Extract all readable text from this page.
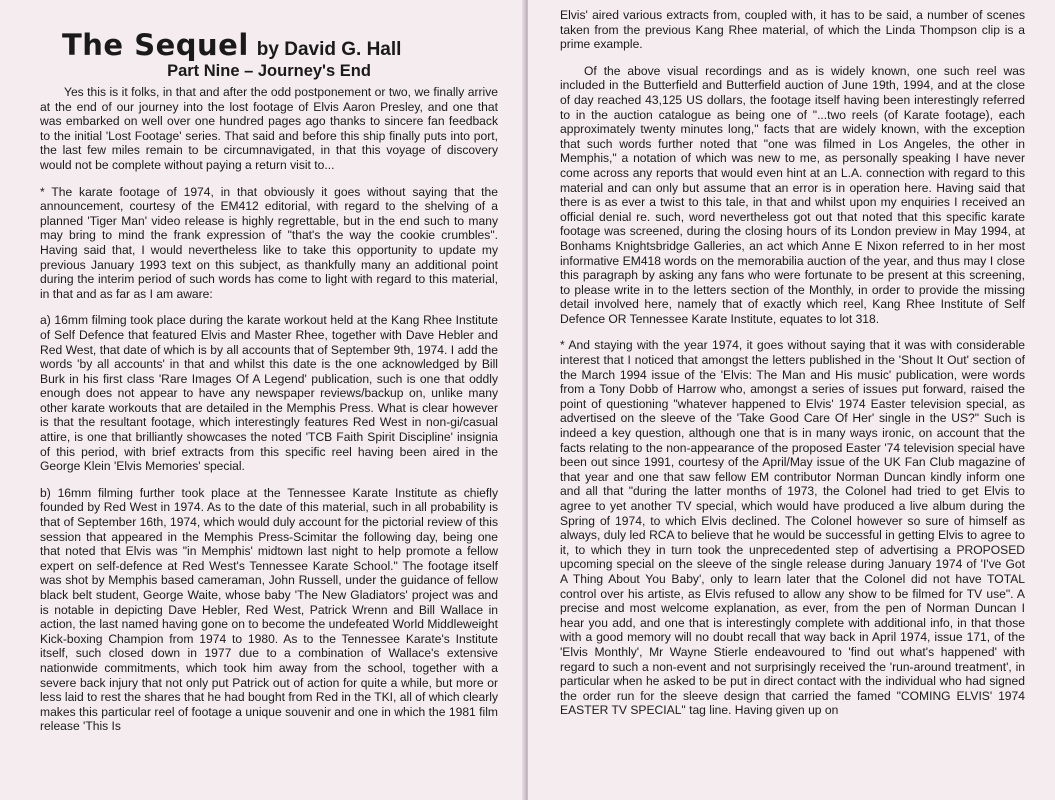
The Sequel by David G. Hall
Part Nine – Journey's End

Yes this is it folks, in that and after the odd postponement or two, we finally arrive at the end of our journey into the lost footage of Elvis Aaron Presley, and one that was embarked on well over one hundred pages ago thanks to sincere fan feedback to the initial 'Lost Footage' series. That said and before this ship finally puts into port, the last few miles remain to be circumnavigated, in that this voyage of discovery would not be complete without paying a return visit to...

* The karate footage of 1974, in that obviously it goes without saying that the announcement, courtesy of the EM412 editorial, with regard to the shelving of a planned 'Tiger Man' video release is highly regrettable, but in the end such to many may bring to mind the frank expression of "that's the way the cookie crumbles". Having said that, I would nevertheless like to take this opportunity to update my previous January 1993 text on this subject, as thankfully many an additional point during the interim period of such words has come to light with regard to this material, in that and as far as I am aware:

a) 16mm filming took place during the karate workout held at the Kang Rhee Institute of Self Defence that featured Elvis and Master Rhee, together with Dave Hebler and Red West, that date of which is by all accounts that of September 9th, 1974. I add the words 'by all accounts' in that and whilst this date is the one acknowledged by Bill Burk in his first class 'Rare Images Of A Legend' publication, such is one that oddly enough does not appear to have any newspaper reviews/backup on, unlike many other karate workouts that are detailed in the Memphis Press. What is clear however is that the resultant footage, which interestingly features Red West in non-gi/casual attire, is one that brilliantly showcases the noted 'TCB Faith Spirit Discipline' insignia of this period, with brief extracts from this specific reel having been aired in the George Klein 'Elvis Memories' special.

b) 16mm filming further took place at the Tennessee Karate Institute as chiefly founded by Red West in 1974. As to the date of this material, such in all probability is that of September 16th, 1974, which would duly account for the pictorial review of this session that appeared in the Memphis Press-Scimitar the following day, being one that noted that Elvis was "in Memphis' midtown last night to help promote a fellow expert on self-defence at Red West's Tennessee Karate School." The footage itself was shot by Memphis based cameraman, John Russell, under the guidance of fellow black belt student, George Waite, whose baby 'The New Gladiators' project was and is notable in depicting Dave Hebler, Red West, Patrick Wrenn and Bill Wallace in action, the last named having gone on to become the undefeated World Middleweight Kick-boxing Champion from 1974 to 1980. As to the Tennessee Karate's Institute itself, such closed down in 1977 due to a combination of Wallace's extensive nationwide commitments, which took him away from the school, together with a severe back injury that not only put Patrick out of action for quite a while, but more or less laid to rest the shares that he had bought from Red in the TKI, all of which clearly makes this particular reel of footage a unique souvenir and one in which the 1981 film release 'This Is

Elvis' aired various extracts from, coupled with, it has to be said, a number of scenes taken from the previous Kang Rhee material, of which the Linda Thompson clip is a prime example.

Of the above visual recordings and as is widely known, one such reel was included in the Butterfield and Butterfield auction of June 19th, 1994, and at the close of day reached 43,125 US dollars, the footage itself having been interestingly referred to in the auction catalogue as being one of "...two reels (of Karate footage), each approximately twenty minutes long," facts that are widely known, with the exception that such words further noted that "one was filmed in Los Angeles, the other in Memphis," a notation of which was new to me, as personally speaking I have never come across any reports that would even hint at an L.A. connection with regard to this material and can only but assume that an error is in operation here. Having said that there is as ever a twist to this tale, in that and whilst upon my enquiries I received an official denial re. such, word nevertheless got out that noted that this specific karate footage was screened, during the closing hours of its London preview in May 1994, at Bonhams Knightsbridge Galleries, an act which Anne E Nixon referred to in her most informative EM418 words on the memorabilia auction of the year, and thus may I close this paragraph by asking any fans who were fortunate to be present at this screening, to please write in to the letters section of the Monthly, in order to provide the missing detail involved here, namely that of exactly which reel, Kang Rhee Institute of Self Defence OR Tennessee Karate Institute, equates to lot 318.

* And staying with the year 1974, it goes without saying that it was with considerable interest that I noticed that amongst the letters published in the 'Shout It Out' section of the March 1994 issue of the 'Elvis: The Man and His music' publication, were words from a Tony Dobb of Harrow who, amongst a series of issues put forward, raised the point of questioning "whatever happened to Elvis' 1974 Easter television special, as advertised on the sleeve of the 'Take Good Care Of Her' single in the US?" Such is indeed a key question, although one that is in many ways ironic, on account that the facts relating to the non-appearance of the proposed Easter '74 television special have been out since 1991, courtesy of the April/May issue of the UK Fan Club magazine of that year and one that saw fellow EM contributor Norman Duncan kindly inform one and all that "during the latter months of 1973, the Colonel had tried to get Elvis to agree to yet another TV special, which would have produced a live album during the Spring of 1974, to which Elvis declined. The Colonel however so sure of himself as always, duly led RCA to believe that he would be successful in getting Elvis to agree to it, to which they in turn took the unprecedented step of advertising a PROPOSED upcoming special on the sleeve of the single release during January 1974 of 'I've Got A Thing About You Baby', only to learn later that the Colonel did not have TOTAL control over his artiste, as Elvis refused to allow any show to be filmed for TV use". A precise and most welcome explanation, as ever, from the pen of Norman Duncan I hear you add, and one that is interestingly complete with additional info, in that those with a good memory will no doubt recall that way back in April 1974, issue 171, of the 'Elvis Monthly', Mr Wayne Stierle endeavoured to 'find out what's happened' with regard to such a non-event and not surprisingly received the 'run-around treatment', in particular when he asked to be put in direct contact with the individual who had signed the order run for the sleeve design that carried the famed "COMING ELVIS' 1974 EASTER TV SPECIAL" tag line. Having given up on
